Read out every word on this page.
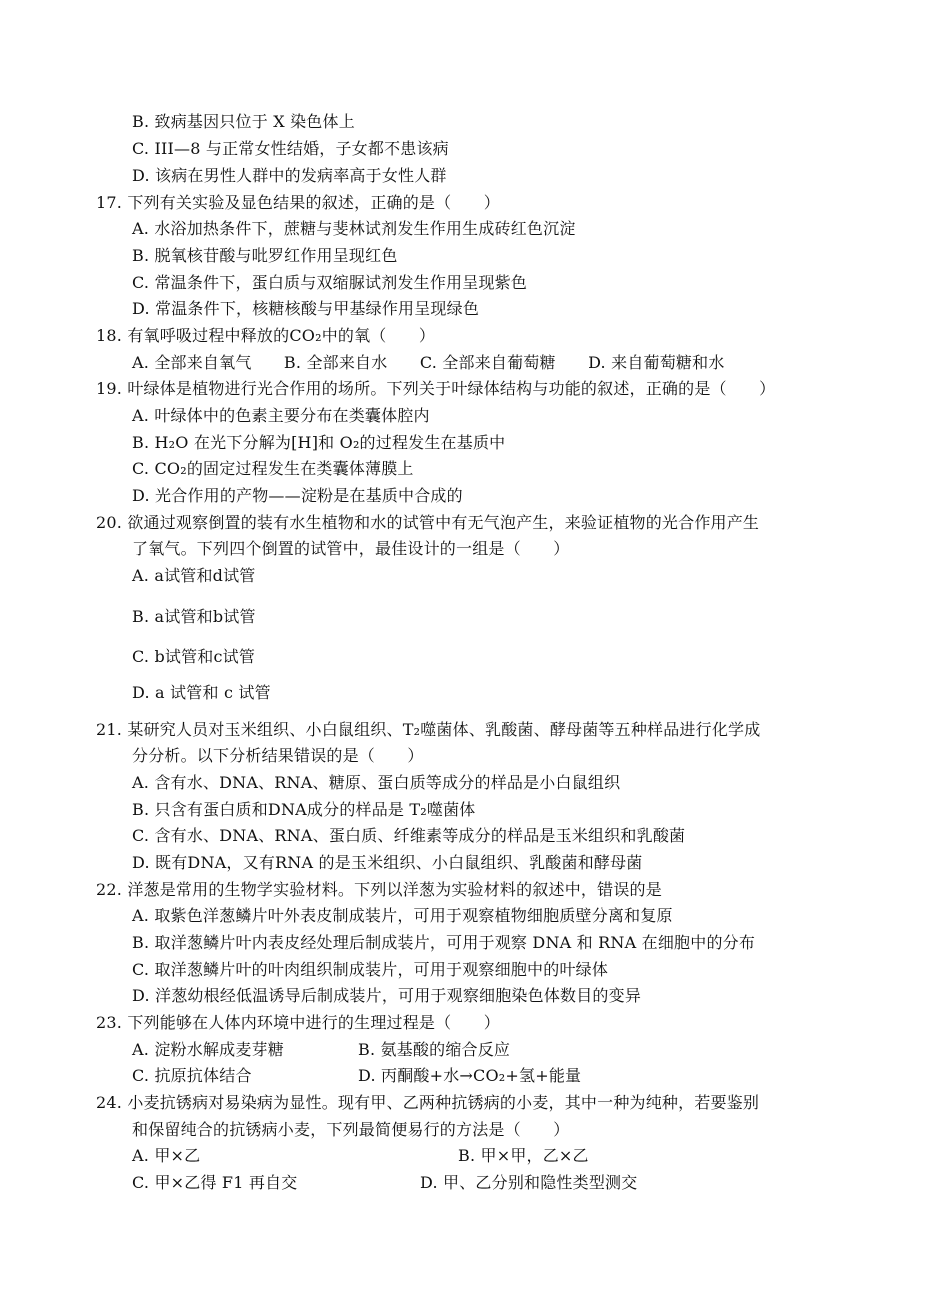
B. 致病基因只位于 X 染色体上
C. III—8 与正常女性结婚，子女都不患该病
D. 该病在男性人群中的发病率高于女性人群
17. 下列有关实验及显色结果的叙述，正确的是（　　）
A. 水浴加热条件下，蔗糖与斐林试剂发生作用生成砖红色沉淀
B. 脱氧核苷酸与吡罗红作用呈现红色
C. 常温条件下，蛋白质与双缩脲试剂发生作用呈现紫色
D. 常温条件下，核糖核酸与甲基绿作用呈现绿色
18. 有氧呼吸过程中释放的CO₂中的氧（　　）
A. 全部来自氧气　　B. 全部来自水　　C. 全部来自葡萄糖　　D. 来自葡萄糖和水
19. 叶绿体是植物进行光合作用的场所。下列关于叶绿体结构与功能的叙述，正确的是（　　）
A. 叶绿体中的色素主要分布在类囊体腔内
B. H₂O 在光下分解为[H]和 O₂的过程发生在基质中
C. CO₂的固定过程发生在类囊体薄膜上
D. 光合作用的产物——淀粉是在基质中合成的
20. 欲通过观察倒置的装有水生植物和水的试管中有无气泡产生，来验证植物的光合作用产生
了氧气。下列四个倒置的试管中，最佳设计的一组是（　　）
A. a试管和d试管
B. a试管和b试管
C. b试管和c试管
D. a 试管和 c 试管
21. 某研究人员对玉米组织、小白鼠组织、T₂噬菌体、乳酸菌、酵母菌等五种样品进行化学成
分分析。以下分析结果错误的是（　　）
A. 含有水、DNA、RNA、糖原、蛋白质等成分的样品是小白鼠组织
B. 只含有蛋白质和DNA成分的样品是 T₂噬菌体
C. 含有水、DNA、RNA、蛋白质、纤维素等成分的样品是玉米组织和乳酸菌
D. 既有DNA，又有RNA 的是玉米组织、小白鼠组织、乳酸菌和酵母菌
22. 洋葱是常用的生物学实验材料。下列以洋葱为实验材料的叙述中，错误的是
A. 取紫色洋葱鳞片叶外表皮制成装片，可用于观察植物细胞质壁分离和复原
B. 取洋葱鳞片叶内表皮经处理后制成装片，可用于观察 DNA 和 RNA 在细胞中的分布
C. 取洋葱鳞片叶的叶肉组织制成装片，可用于观察细胞中的叶绿体
D. 洋葱幼根经低温诱导后制成装片，可用于观察细胞染色体数目的变异
23. 下列能够在人体内环境中进行的生理过程是（　　）
A. 淀粉水解成麦芽糖	B. 氨基酸的缩合反应
C. 抗原抗体结合	D. 丙酮酸+水→CO₂+氢+能量
24. 小麦抗锈病对易染病为显性。现有甲、乙两种抗锈病的小麦，其中一种为纯种，若要鉴别
和保留纯合的抗锈病小麦，下列最简便易行的方法是（　　）
A. 甲×乙	B. 甲×甲，乙×乙
C. 甲×乙得 F1 再自交	D. 甲、乙分别和隐性类型测交
